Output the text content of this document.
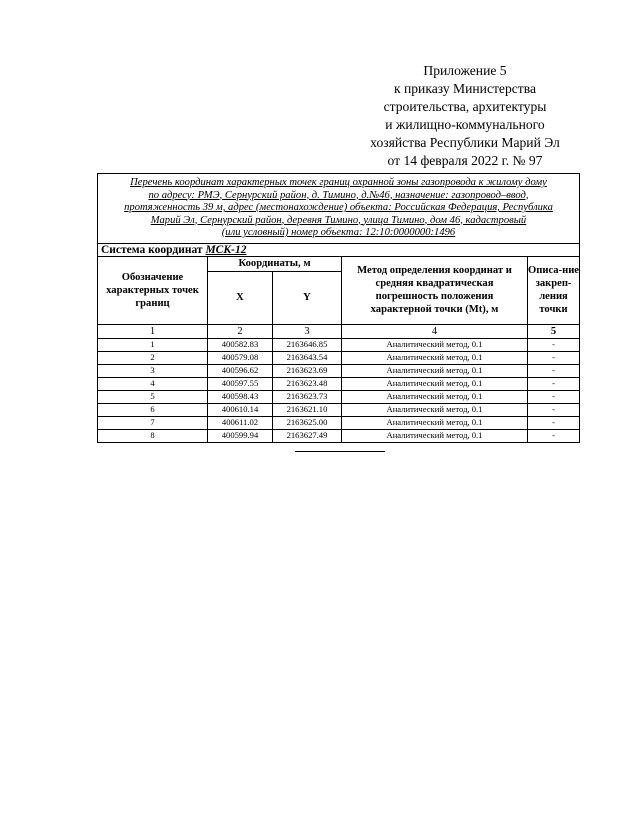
Приложение 5
к приказу Министерства
строительства, архитектуры
и жилищно-коммунального
хозяйства Республики Марий Эл
от 14 февраля 2022 г. № 97
Перечень координат характерных точек границ охранной зоны газопровода к жилому дому
по адресу: РМЭ, Сернурский район, д. Тимино, д.№46, назначение: газопровод–ввод,
протяженность 39 м, адрес (местонахождение) объекта: Российская Федерация, Республика
Марий Эл, Сернурский район, деревня Тимино, улица Тимино, дом 46, кадастровый
(или условный) номер объекта: 12:10:0000000:1496				

Система координат МСК-12				
Обозначение характерных точек границ	Координаты, м		Метод определения координат и средняя квадратическая погрешность положения характерной точки (Mt), м	Описа-ние закреп-ления точки
	X	Y		
1	2	3	4	5
1	400582.83	2163646.85	Аналитический метод, 0.1	-
2	400579.08	2163643.54	Аналитический метод, 0.1	-
3	400596.62	2163623.69	Аналитический метод, 0.1	-
4	400597.55	2163623.48	Аналитический метод, 0.1	-
5	400598.43	2163623.73	Аналитический метод, 0.1	-
6	400610.14	2163621.10	Аналитический метод, 0.1	-
7	400611.02	2163625.00	Аналитический метод, 0.1	-
8	400599.94	2163627.49	Аналитический метод, 0.1	-
